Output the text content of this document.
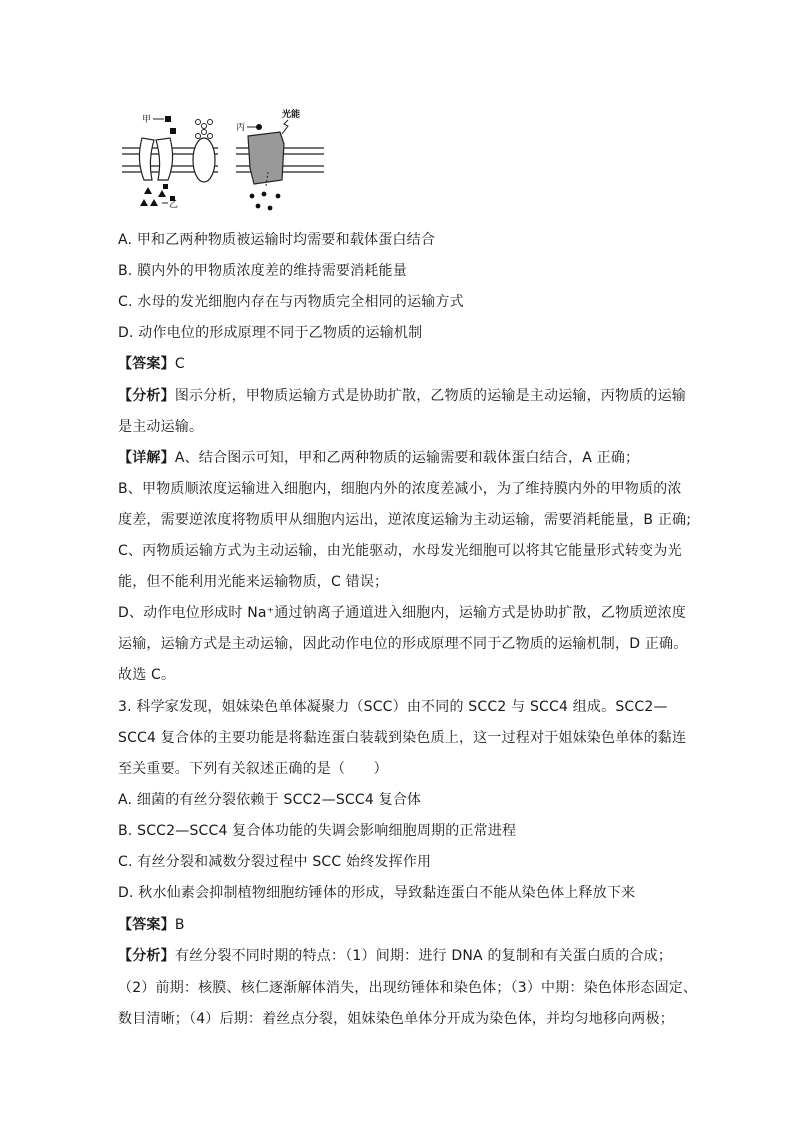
甲
乙
丙
光能
A. 甲和乙两种物质被运输时均需要和载体蛋白结合
B. 膜内外的甲物质浓度差的维持需要消耗能量
C. 水母的发光细胞内存在与丙物质完全相同的运输方式
D. 动作电位的形成原理不同于乙物质的运输机制
【答案】C
【分析】图示分析，甲物质运输方式是协助扩散，乙物质的运输是主动运输，丙物质的运输
是主动运输。
【详解】A、结合图示可知，甲和乙两种物质的运输需要和载体蛋白结合，A 正确；
B、甲物质顺浓度运输进入细胞内，细胞内外的浓度差减小，为了维持膜内外的甲物质的浓
度差，需要逆浓度将物质甲从细胞内运出，逆浓度运输为主动运输，需要消耗能量，B 正确;
C、丙物质运输方式为主动运输，由光能驱动，水母发光细胞可以将其它能量形式转变为光
能，但不能利用光能来运输物质，C 错误；
D、动作电位形成时 Na⁺通过钠离子通道进入细胞内，运输方式是协助扩散，乙物质逆浓度
运输，运输方式是主动运输，因此动作电位的形成原理不同于乙物质的运输机制，D 正确。
故选 C。
3. 科学家发现，姐妹染色单体凝聚力（SCC）由不同的 SCC2 与 SCC4 组成。SCC2—
SCC4 复合体的主要功能是将黏连蛋白装载到染色质上，这一过程对于姐妹染色单体的黏连
至关重要。下列有关叙述正确的是（　　）
A. 细菌的有丝分裂依赖于 SCC2—SCC4 复合体
B. SCC2—SCC4 复合体功能的失调会影响细胞周期的正常进程
C. 有丝分裂和减数分裂过程中 SCC 始终发挥作用
D. 秋水仙素会抑制植物细胞纺锤体的形成，导致黏连蛋白不能从染色体上释放下来
【答案】B
【分析】有丝分裂不同时期的特点：（1）间期：进行 DNA 的复制和有关蛋白质的合成；
（2）前期：核膜、核仁逐渐解体消失，出现纺锤体和染色体；（3）中期：染色体形态固定、
数目清晰；（4）后期：着丝点分裂，姐妹染色单体分开成为染色体，并均匀地移向两极；
